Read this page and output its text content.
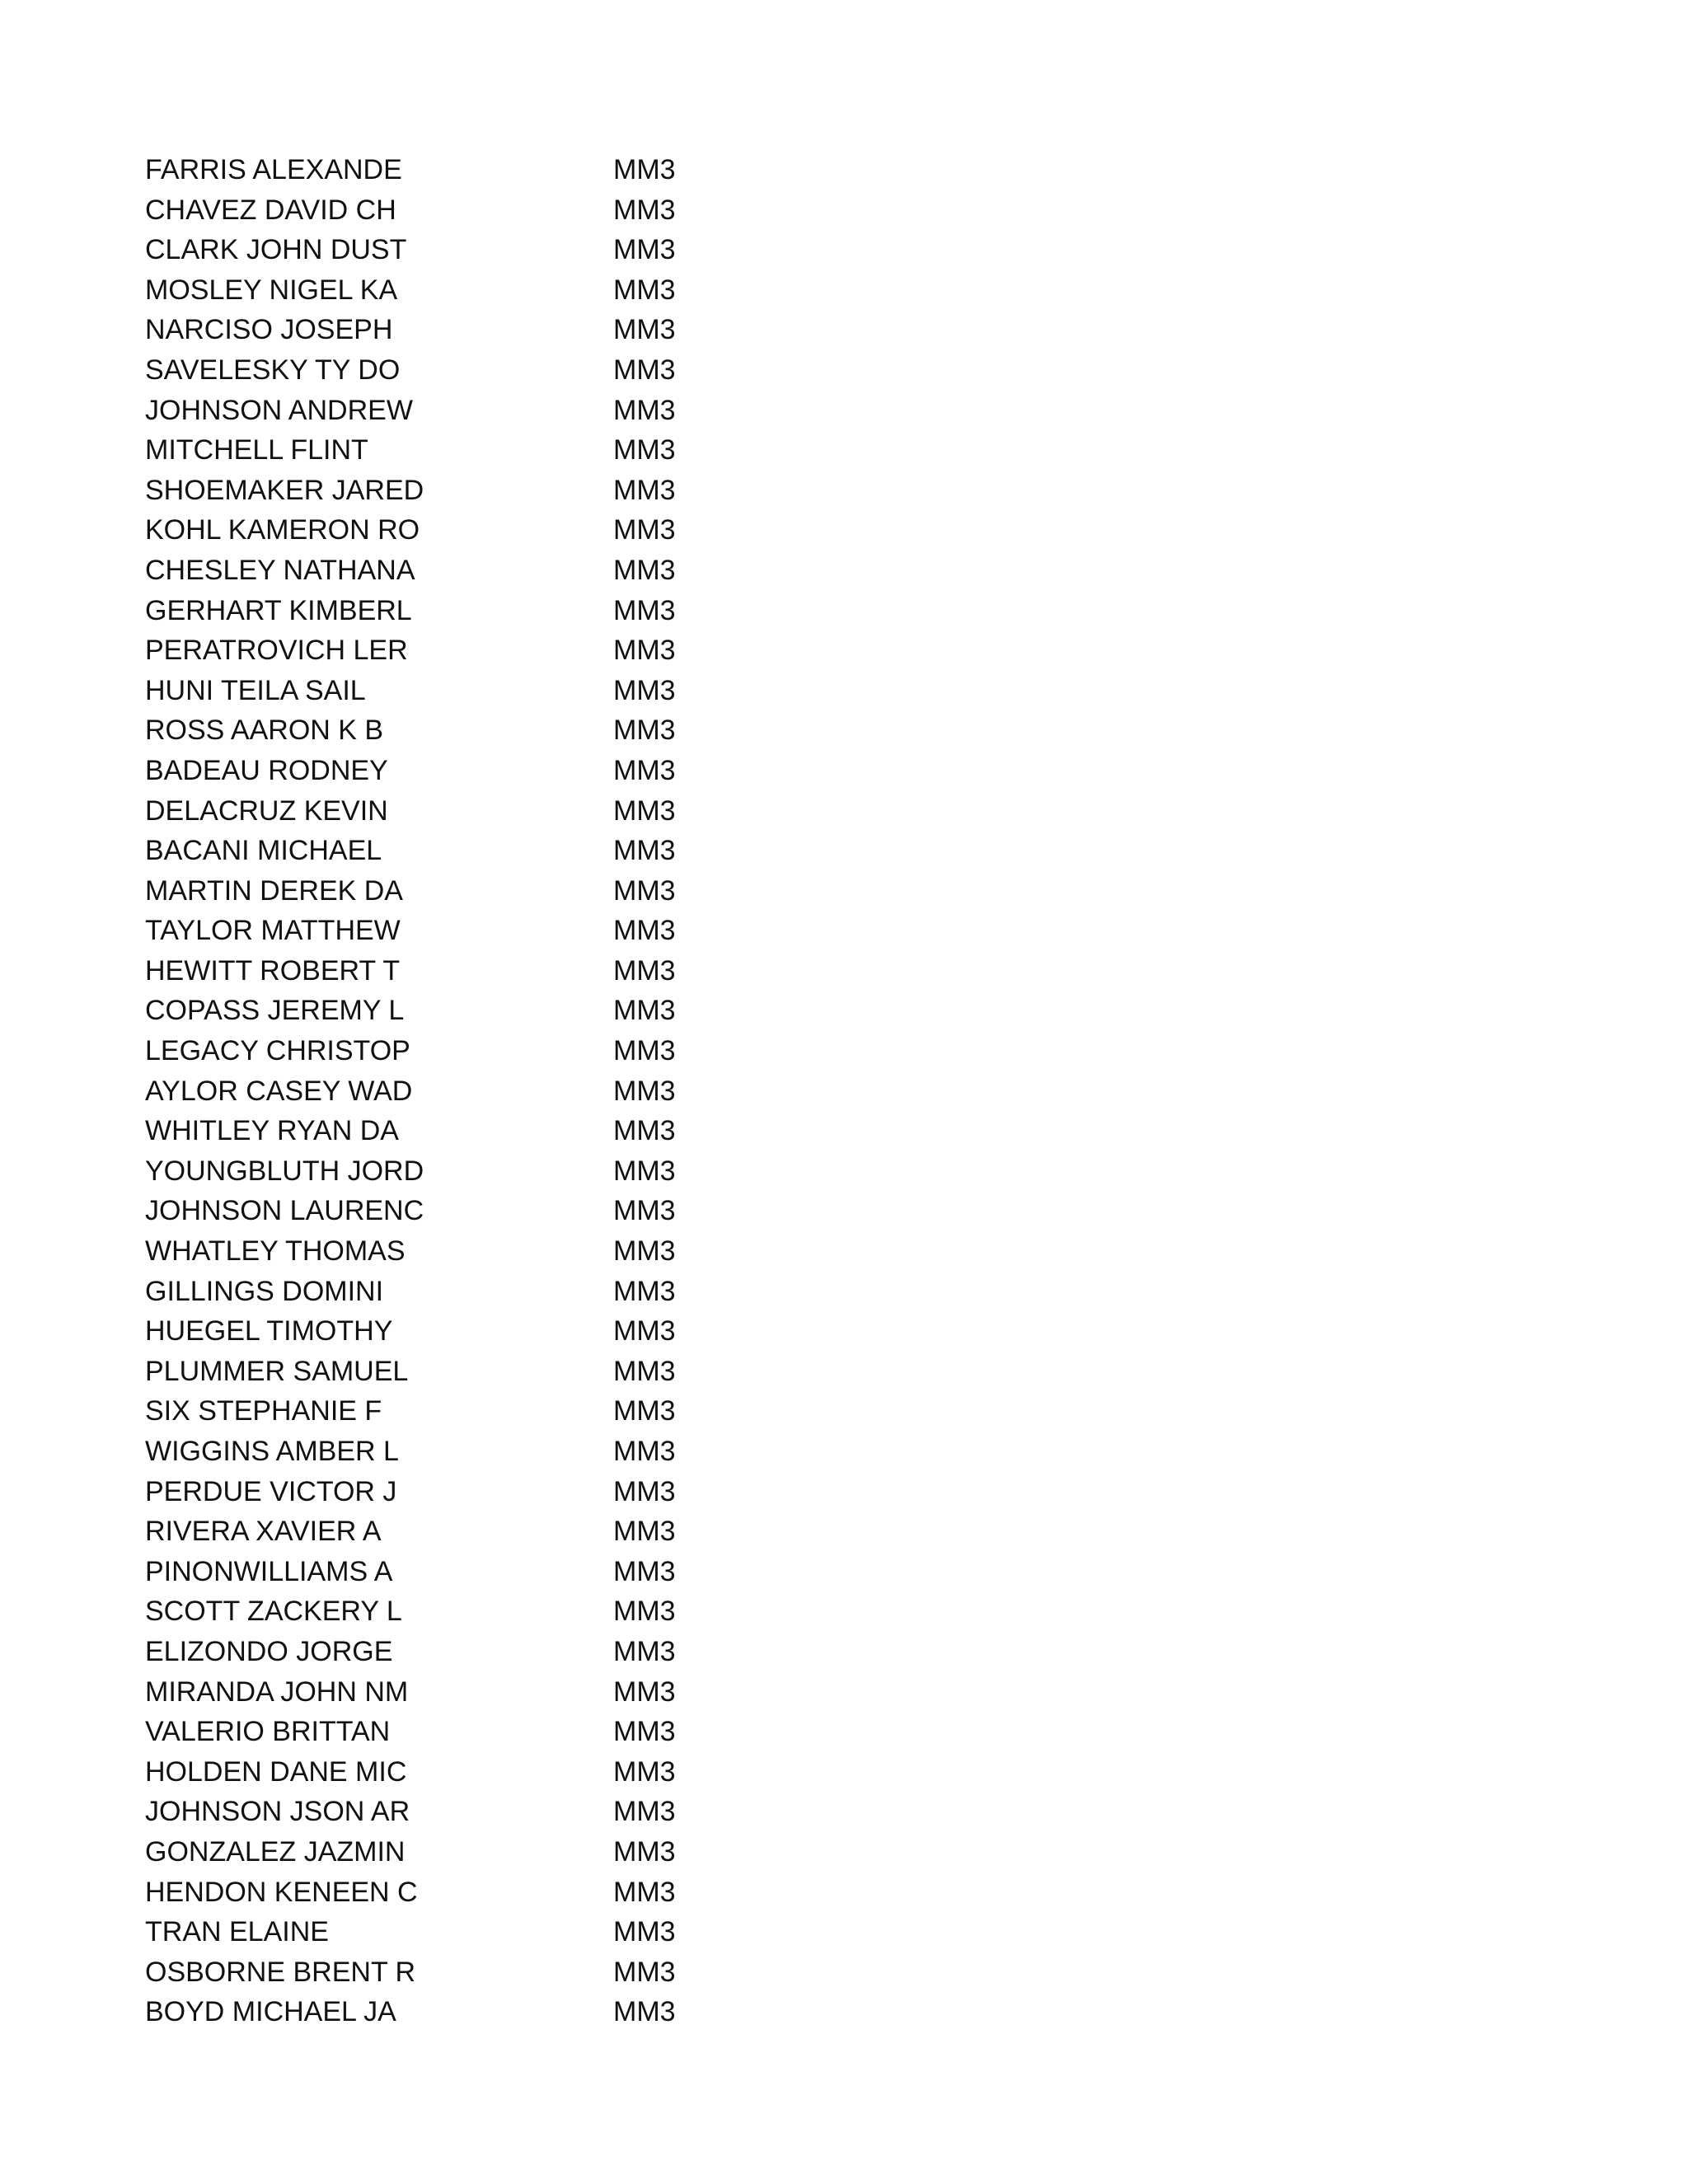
FARRIS ALEXANDE	MM3
CHAVEZ DAVID CH	MM3
CLARK JOHN DUST	MM3
MOSLEY NIGEL KA	MM3
NARCISO JOSEPH	MM3
SAVELESKY TY DO	MM3
JOHNSON ANDREW	MM3
MITCHELL FLINT	MM3
SHOEMAKER JARED	MM3
KOHL KAMERON RO	MM3
CHESLEY NATHANA	MM3
GERHART KIMBERL	MM3
PERATROVICH LER	MM3
HUNI TEILA SAIL	MM3
ROSS AARON K B	MM3
BADEAU RODNEY	MM3
DELACRUZ KEVIN	MM3
BACANI MICHAEL	MM3
MARTIN DEREK DA	MM3
TAYLOR MATTHEW	MM3
HEWITT ROBERT T	MM3
COPASS JEREMY L	MM3
LEGACY CHRISTOP	MM3
AYLOR CASEY WAD	MM3
WHITLEY RYAN DA	MM3
YOUNGBLUTH JORD	MM3
JOHNSON LAURENC	MM3
WHATLEY THOMAS	MM3
GILLINGS DOMINI	MM3
HUEGEL TIMOTHY	MM3
PLUMMER SAMUEL	MM3
SIX STEPHANIE F	MM3
WIGGINS AMBER L	MM3
PERDUE VICTOR J	MM3
RIVERA XAVIER A	MM3
PINONWILLIAMS A	MM3
SCOTT ZACKERY L	MM3
ELIZONDO JORGE	MM3
MIRANDA JOHN NM	MM3
VALERIO BRITTAN	MM3
HOLDEN DANE MIC	MM3
JOHNSON JSON AR	MM3
GONZALEZ JAZMIN	MM3
HENDON KENEEN C	MM3
TRAN ELAINE	MM3
OSBORNE BRENT R	MM3
BOYD MICHAEL JA	MM3
